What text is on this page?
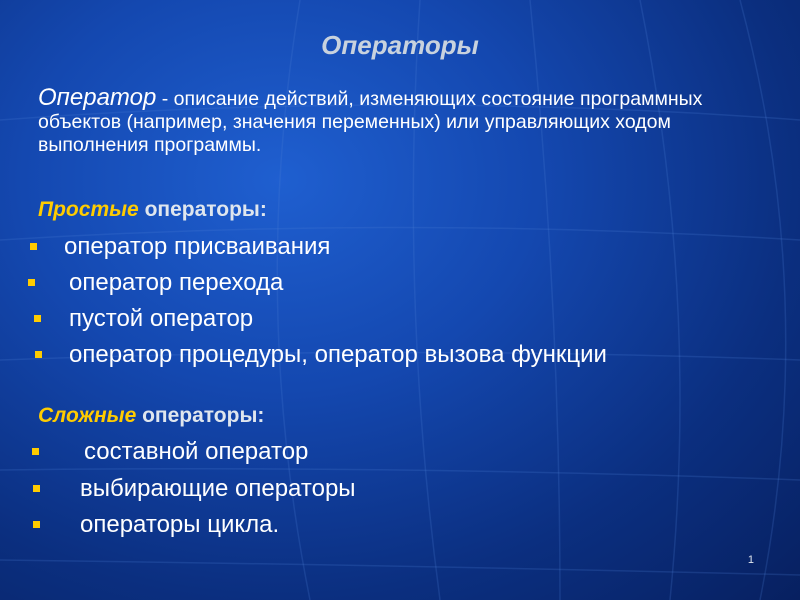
Операторы
Оператор - описание действий, изменяющих состояние программных объектов (например, значения переменных) или управляющих ходом выполнения программы.
Простые операторы:
оператор присваивания
оператор перехода
пустой оператор
оператор процедуры, оператор вызова функции
Сложные операторы:
составной оператор
выбирающие операторы
операторы цикла.
1
